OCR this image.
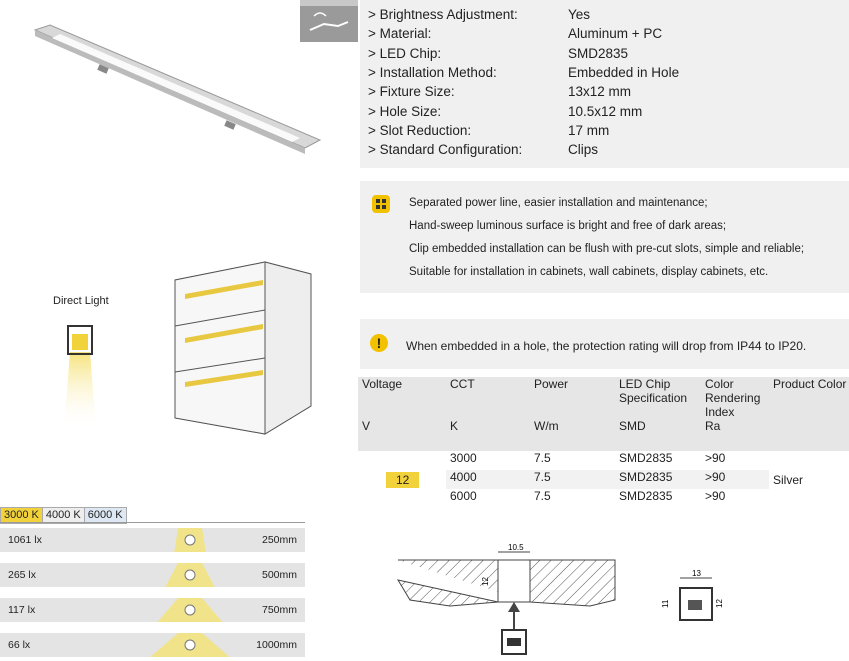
> Brightness Adjustment:	Yes
> Material:	Aluminum + PC
> LED Chip:	SMD2835
> Installation Method:	Embedded in Hole
> Fixture Size:	13x12 mm
> Hole Size:	10.5x12 mm
> Slot Reduction:	17 mm
> Standard Configuration:	Clips
Separated power line, easier installation and maintenance;
Hand-sweep luminous surface is bright and free of dark areas;
Clip embedded installation can be flush with pre-cut slots, simple and reliable;
Suitable for installation in cabinets, wall cabinets, display cabinets, etc.
!	When embedded in a hole, the protection rating will drop from IP44 to IP20.
Direct Light
Voltage	CCT	Power	LED Chip Specification	Color Rendering Index	Product Color
V	K	W/m	SMD	Ra	
12	3000	7.5	SMD2835	>90	Silver
	4000	7.5	SMD2835	>90	
	6000	7.5	SMD2835	>90	
3000 K 4000 K 6000 K
1061 lx	250mm
265 lx	500mm
117 lx	750mm
66 lx	1000mm
10.5
12
13
11	12
